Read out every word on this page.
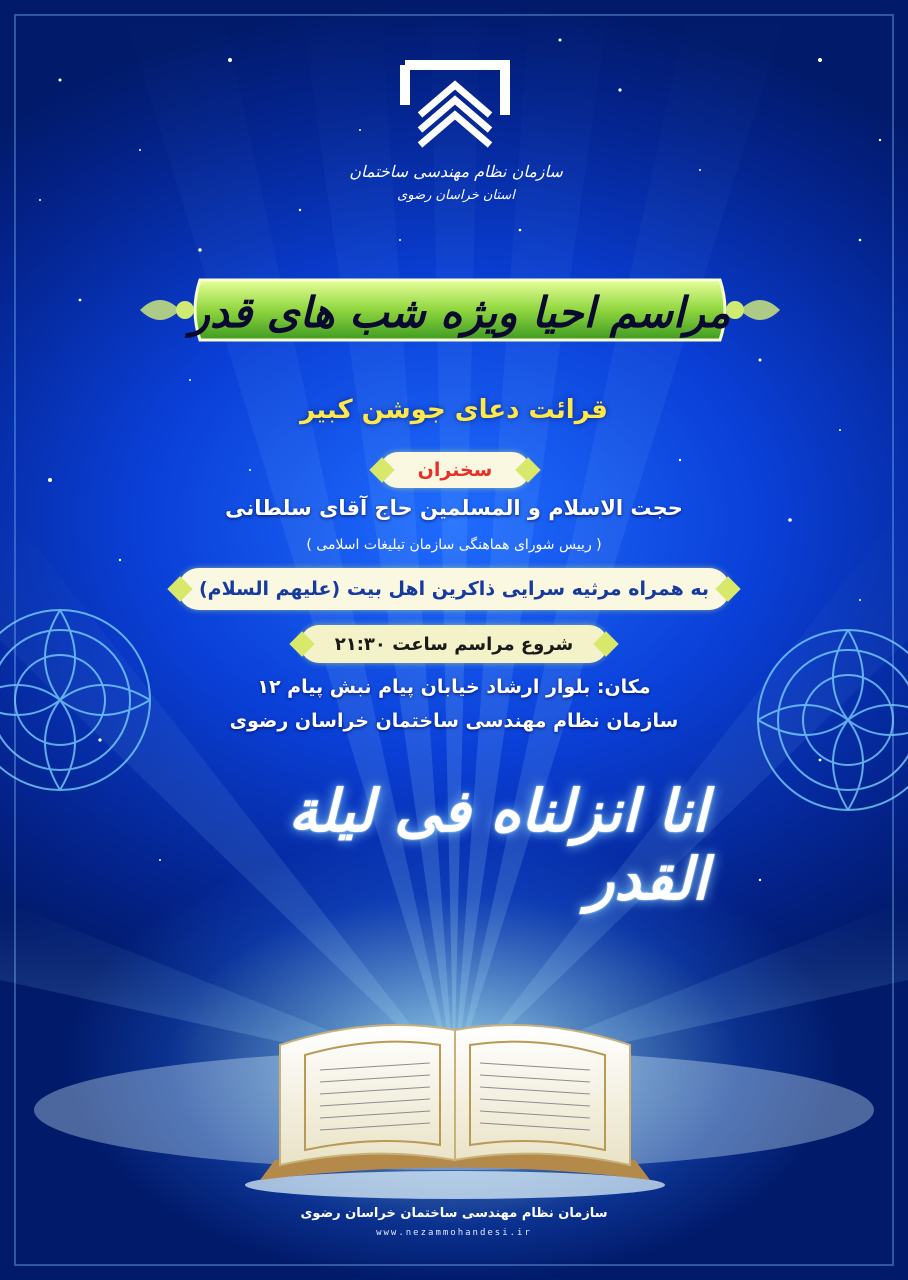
سازمان نظام مهندسی ساختمان
استان خراسان رضوی
مراسم احیا ویژه شب های قدر
قرائت دعای جوشن کبیر
سخنران
حجت الاسلام و المسلمین حاج آقای سلطانی
( رییس شورای هماهنگی سازمان تبلیغات اسلامی )
به همراه مرثیه سرایی ذاکرین اهل بیت (علیهم السلام)
شروع مراسم ساعت ۲۱:۳۰
مکان: بلوار ارشاد خیابان پیام نبش پیام ۱۲
سازمان نظام مهندسی ساختمان خراسان رضوی
انا انزلناه فی لیلة القدر
سازمان نظام مهندسی ساختمان خراسان رضوی
www.nezammohandesi.ir
